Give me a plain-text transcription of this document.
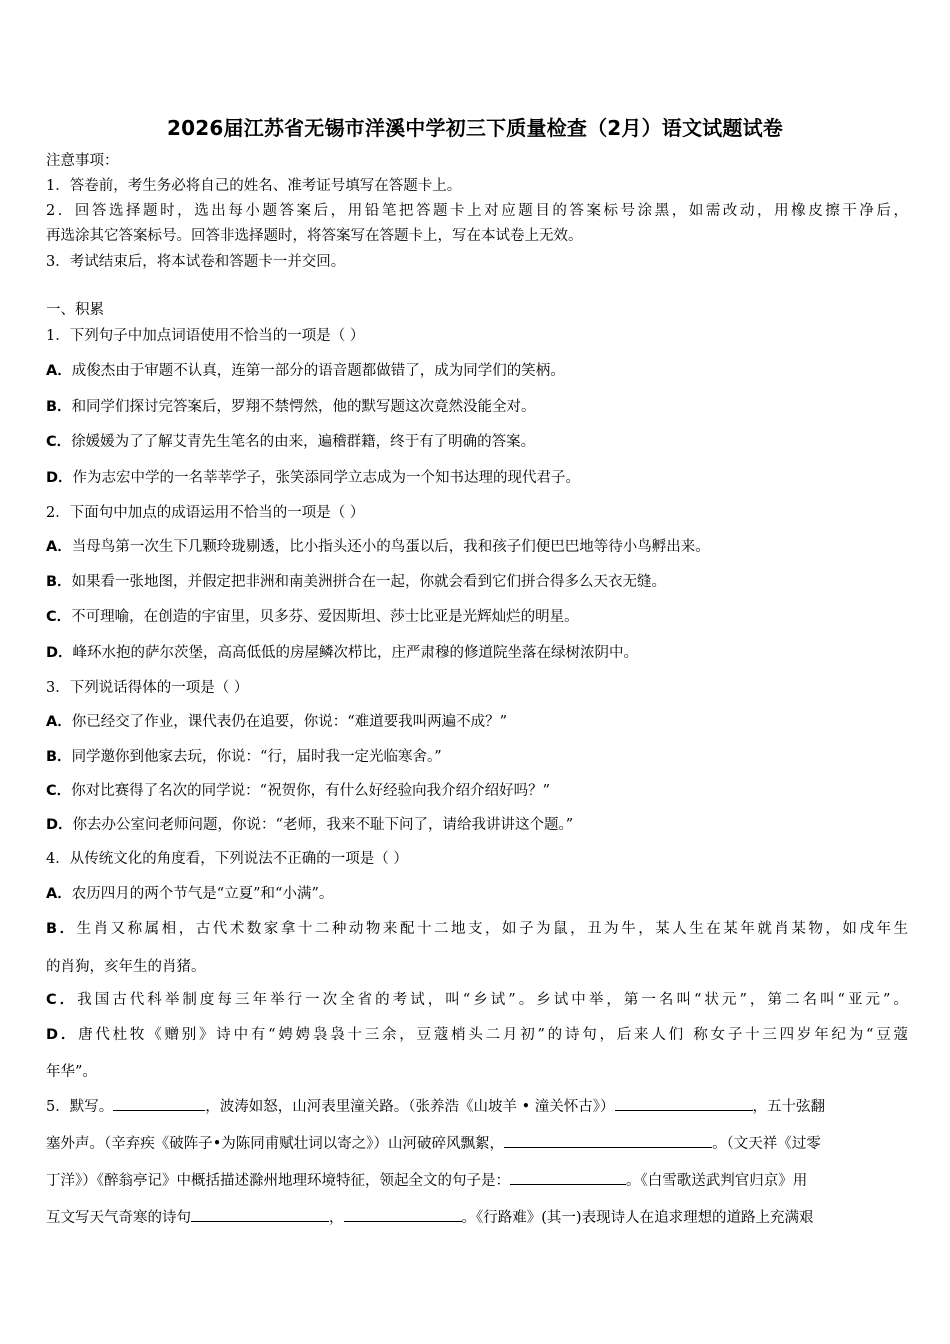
2026届江苏省无锡市洋溪中学初三下质量检查（2月）语文试题试卷
注意事项：
1．答卷前，考生务必将自己的姓名、准考证号填写在答题卡上。
2．回答选择题时，选出每小题答案后，用铅笔把答题卡上对应题目的答案标号涂黑，如需改动，用橡皮擦干净后，
再选涂其它答案标号。回答非选择题时，将答案写在答题卡上，写在本试卷上无效。
3．考试结束后，将本试卷和答题卡一并交回。
一、积累
1．下列句子中加点词语使用不恰当的一项是（ ）
A．成俊杰由于审题不认真，连第一部分的语音题都做错了，成为同学们的笑柄。
B．和同学们探讨完答案后，罗翔不禁愕然，他的默写题这次竟然没能全对。
C．徐媛媛为了了解艾青先生笔名的由来，遍稽群籍，终于有了明确的答案。
D．作为志宏中学的一名莘莘学子，张笑添同学立志成为一个知书达理的现代君子。
2．下面句中加点的成语运用不恰当的一项是（ ）
A．当母鸟第一次生下几颗玲珑剔透，比小指头还小的鸟蛋以后，我和孩子们便巴巴地等待小鸟孵出来。
B．如果看一张地图，并假定把非洲和南美洲拼合在一起，你就会看到它们拼合得多么天衣无缝。
C．不可理喻，在创造的宇宙里，贝多芬、爱因斯坦、莎士比亚是光辉灿烂的明星。
D．峰环水抱的萨尔茨堡，高高低低的房屋鳞次栉比，庄严肃穆的修道院坐落在绿树浓阴中。
3．下列说话得体的一项是（ ）
A．你已经交了作业，课代表仍在追要，你说：“难道要我叫两遍不成？”
B．同学邀你到他家去玩，你说：“行，届时我一定光临寒舍。”
C．你对比赛得了名次的同学说：“祝贺你，有什么好经验向我介绍介绍好吗？”
D．你去办公室问老师问题，你说：“老师，我来不耻下问了，请给我讲讲这个题。”
4．从传统文化的角度看，下列说法不正确的一项是（ ）
A．农历四月的两个节气是“立夏”和“小满”。
B．生肖又称属相，古代术数家拿十二种动物来配十二地支，如子为鼠，丑为牛，某人生在某年就肖某物，如戌年生
的肖狗，亥年生的肖猪。
C．我国古代科举制度每三年举行一次全省的考试，叫“乡试”。乡试中举，第一名叫“状元”，第二名叫“亚元”。
D．唐代杜牧《赠别》诗中有“娉娉袅袅十三余，豆蔻梢头二月初”的诗句，后来人们 称女子十三四岁年纪为“豆蔻
年华”。
5．默写。	，波涛如怒，山河表里潼关路。（张养浩《山坡羊 • 潼关怀古》）	，五十弦翻
塞外声。（辛弃疾《破阵子•为陈同甫赋壮词以寄之》）山河破碎风飘絮，	。（文天祥《过零
丁洋》）《醉翁亭记》中概括描述滁州地理环境特征，领起全文的句子是：	。《白雪歌送武判官归京》用
互文写天气奇寒的诗句	，	。《行路难》(其一)表现诗人在追求理想的道路上充满艰
